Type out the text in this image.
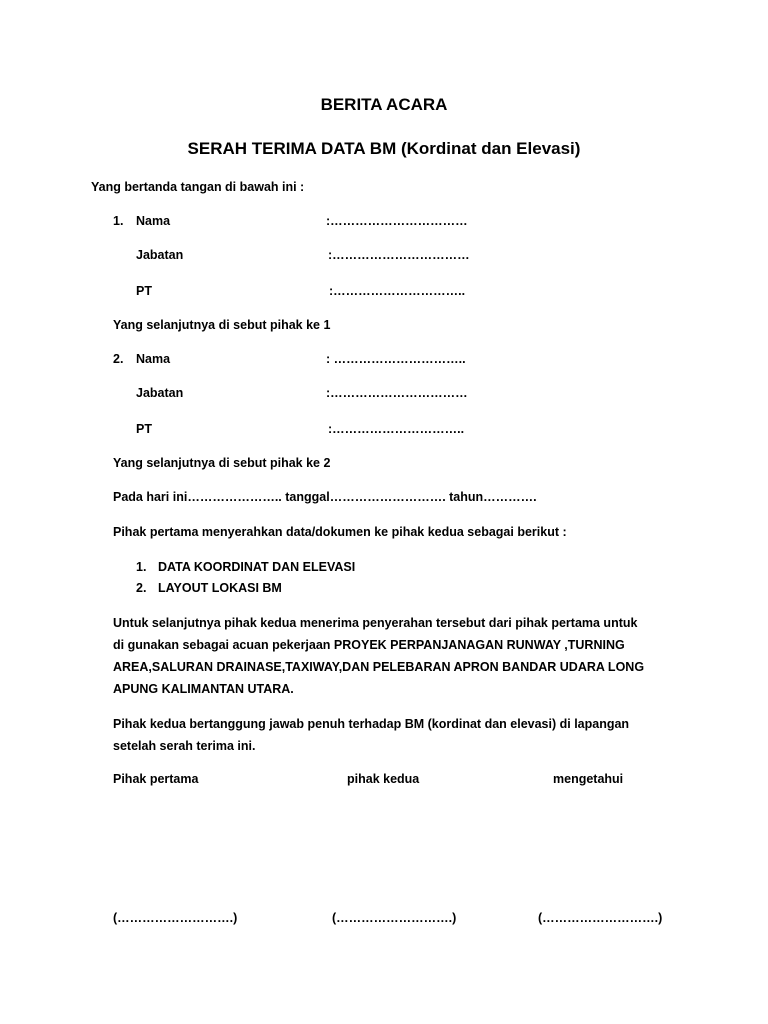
BERITA ACARA
SERAH TERIMA DATA BM (Kordinat dan Elevasi)
Yang bertanda tangan di bawah ini :
1. Nama	:……………………………
Jabatan	:……………………………
PT	:…………………………..
Yang selanjutnya di sebut pihak ke 1
2. Nama	: …………………………..
Jabatan	:……………………………
PT	:…………………………..
Yang selanjutnya di sebut pihak ke 2
Pada hari ini………………….. tanggal………………………. tahun………….
Pihak pertama menyerahkan data/dokumen ke pihak kedua sebagai berikut :
1. DATA KOORDINAT DAN ELEVASI
2. LAYOUT LOKASI BM
Untuk selanjutnya pihak kedua menerima penyerahan tersebut dari pihak pertama untuk
di gunakan sebagai acuan pekerjaan PROYEK PERPANJANAGAN RUNWAY ,TURNING
AREA,SALURAN DRAINASE,TAXIWAY,DAN PELEBARAN APRON BANDAR UDARA LONG
APUNG KALIMANTAN UTARA.
Pihak kedua bertanggung jawab penuh terhadap BM (kordinat dan elevasi) di lapangan
setelah serah terima ini.
Pihak pertama	pihak kedua	mengetahui
(……………………….)	(……………………….)	(……………………….)
